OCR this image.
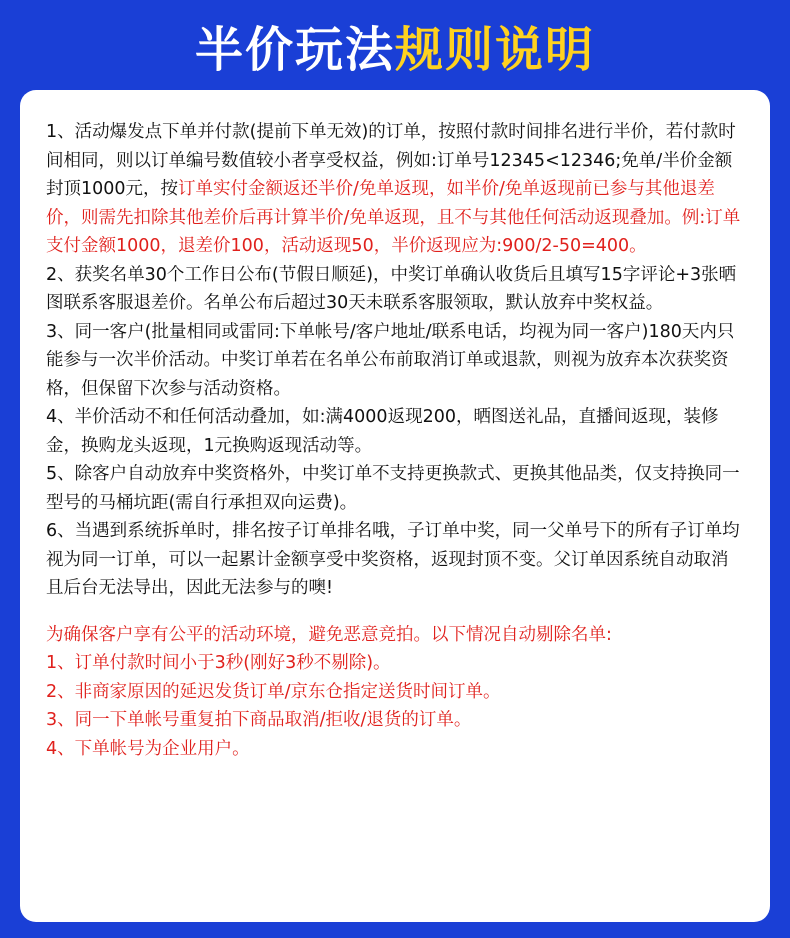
半价玩法规则说明

1、活动爆发点下单并付款(提前下单无效)的订单，按照付款时间排名进行半价，若付款时间相同，则以订单编号数值较小者享受权益，例如:订单号12345<12346;免单/半价金额封顶1000元，按订单实付金额返还半价/免单返现，如半价/免单返现前已参与其他退差价，则需先扣除其他差价后再计算半价/免单返现，且不与其他任何活动返现叠加。例:订单支付金额1000，退差价100，活动返现50，半价返现应为:900/2-50=400。

2、获奖名单30个工作日公布(节假日顺延)，中奖订单确认收货后且填写15字评论+3张晒图联系客服退差价。名单公布后超过30天未联系客服领取，默认放弃中奖权益。

3、同一客户(批量相同或雷同:下单帐号/客户地址/联系电话，均视为同一客户)180天内只能参与一次半价活动。中奖订单若在名单公布前取消订单或退款，则视为放弃本次获奖资格，但保留下次参与活动资格。

4、半价活动不和任何活动叠加，如:满4000返现200，晒图送礼品，直播间返现，装修金，换购龙头返现，1元换购返现活动等。

5、除客户自动放弃中奖资格外，中奖订单不支持更换款式、更换其他品类，仅支持换同一型号的马桶坑距(需自行承担双向运费)。

6、当遇到系统拆单时，排名按子订单排名哦，子订单中奖，同一父单号下的所有子订单均视为同一订单，可以一起累计金额享受中奖资格，返现封顶不变。父订单因系统自动取消且后台无法导出，因此无法参与的噢!

为确保客户享有公平的活动环境，避免恶意竞拍。以下情况自动剔除名单:

1、订单付款时间小于3秒(刚好3秒不剔除)。

2、非商家原因的延迟发货订单/京东仓指定送货时间订单。

3、同一下单帐号重复拍下商品取消/拒收/退货的订单。

4、下单帐号为企业用户。
